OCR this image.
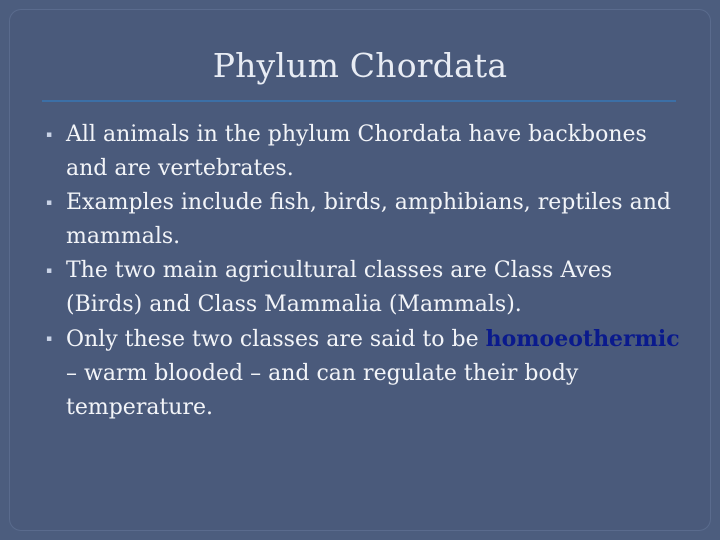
Phylum Chordata
▪ All animals in the phylum Chordata have backbones and are vertebrates.
▪ Examples include fish, birds, amphibians, reptiles and mammals.
▪ The two main agricultural classes are Class Aves (Birds) and Class Mammalia (Mammals).
▪ Only these two classes are said to be homoeothermic – warm blooded – and can regulate their body temperature.
